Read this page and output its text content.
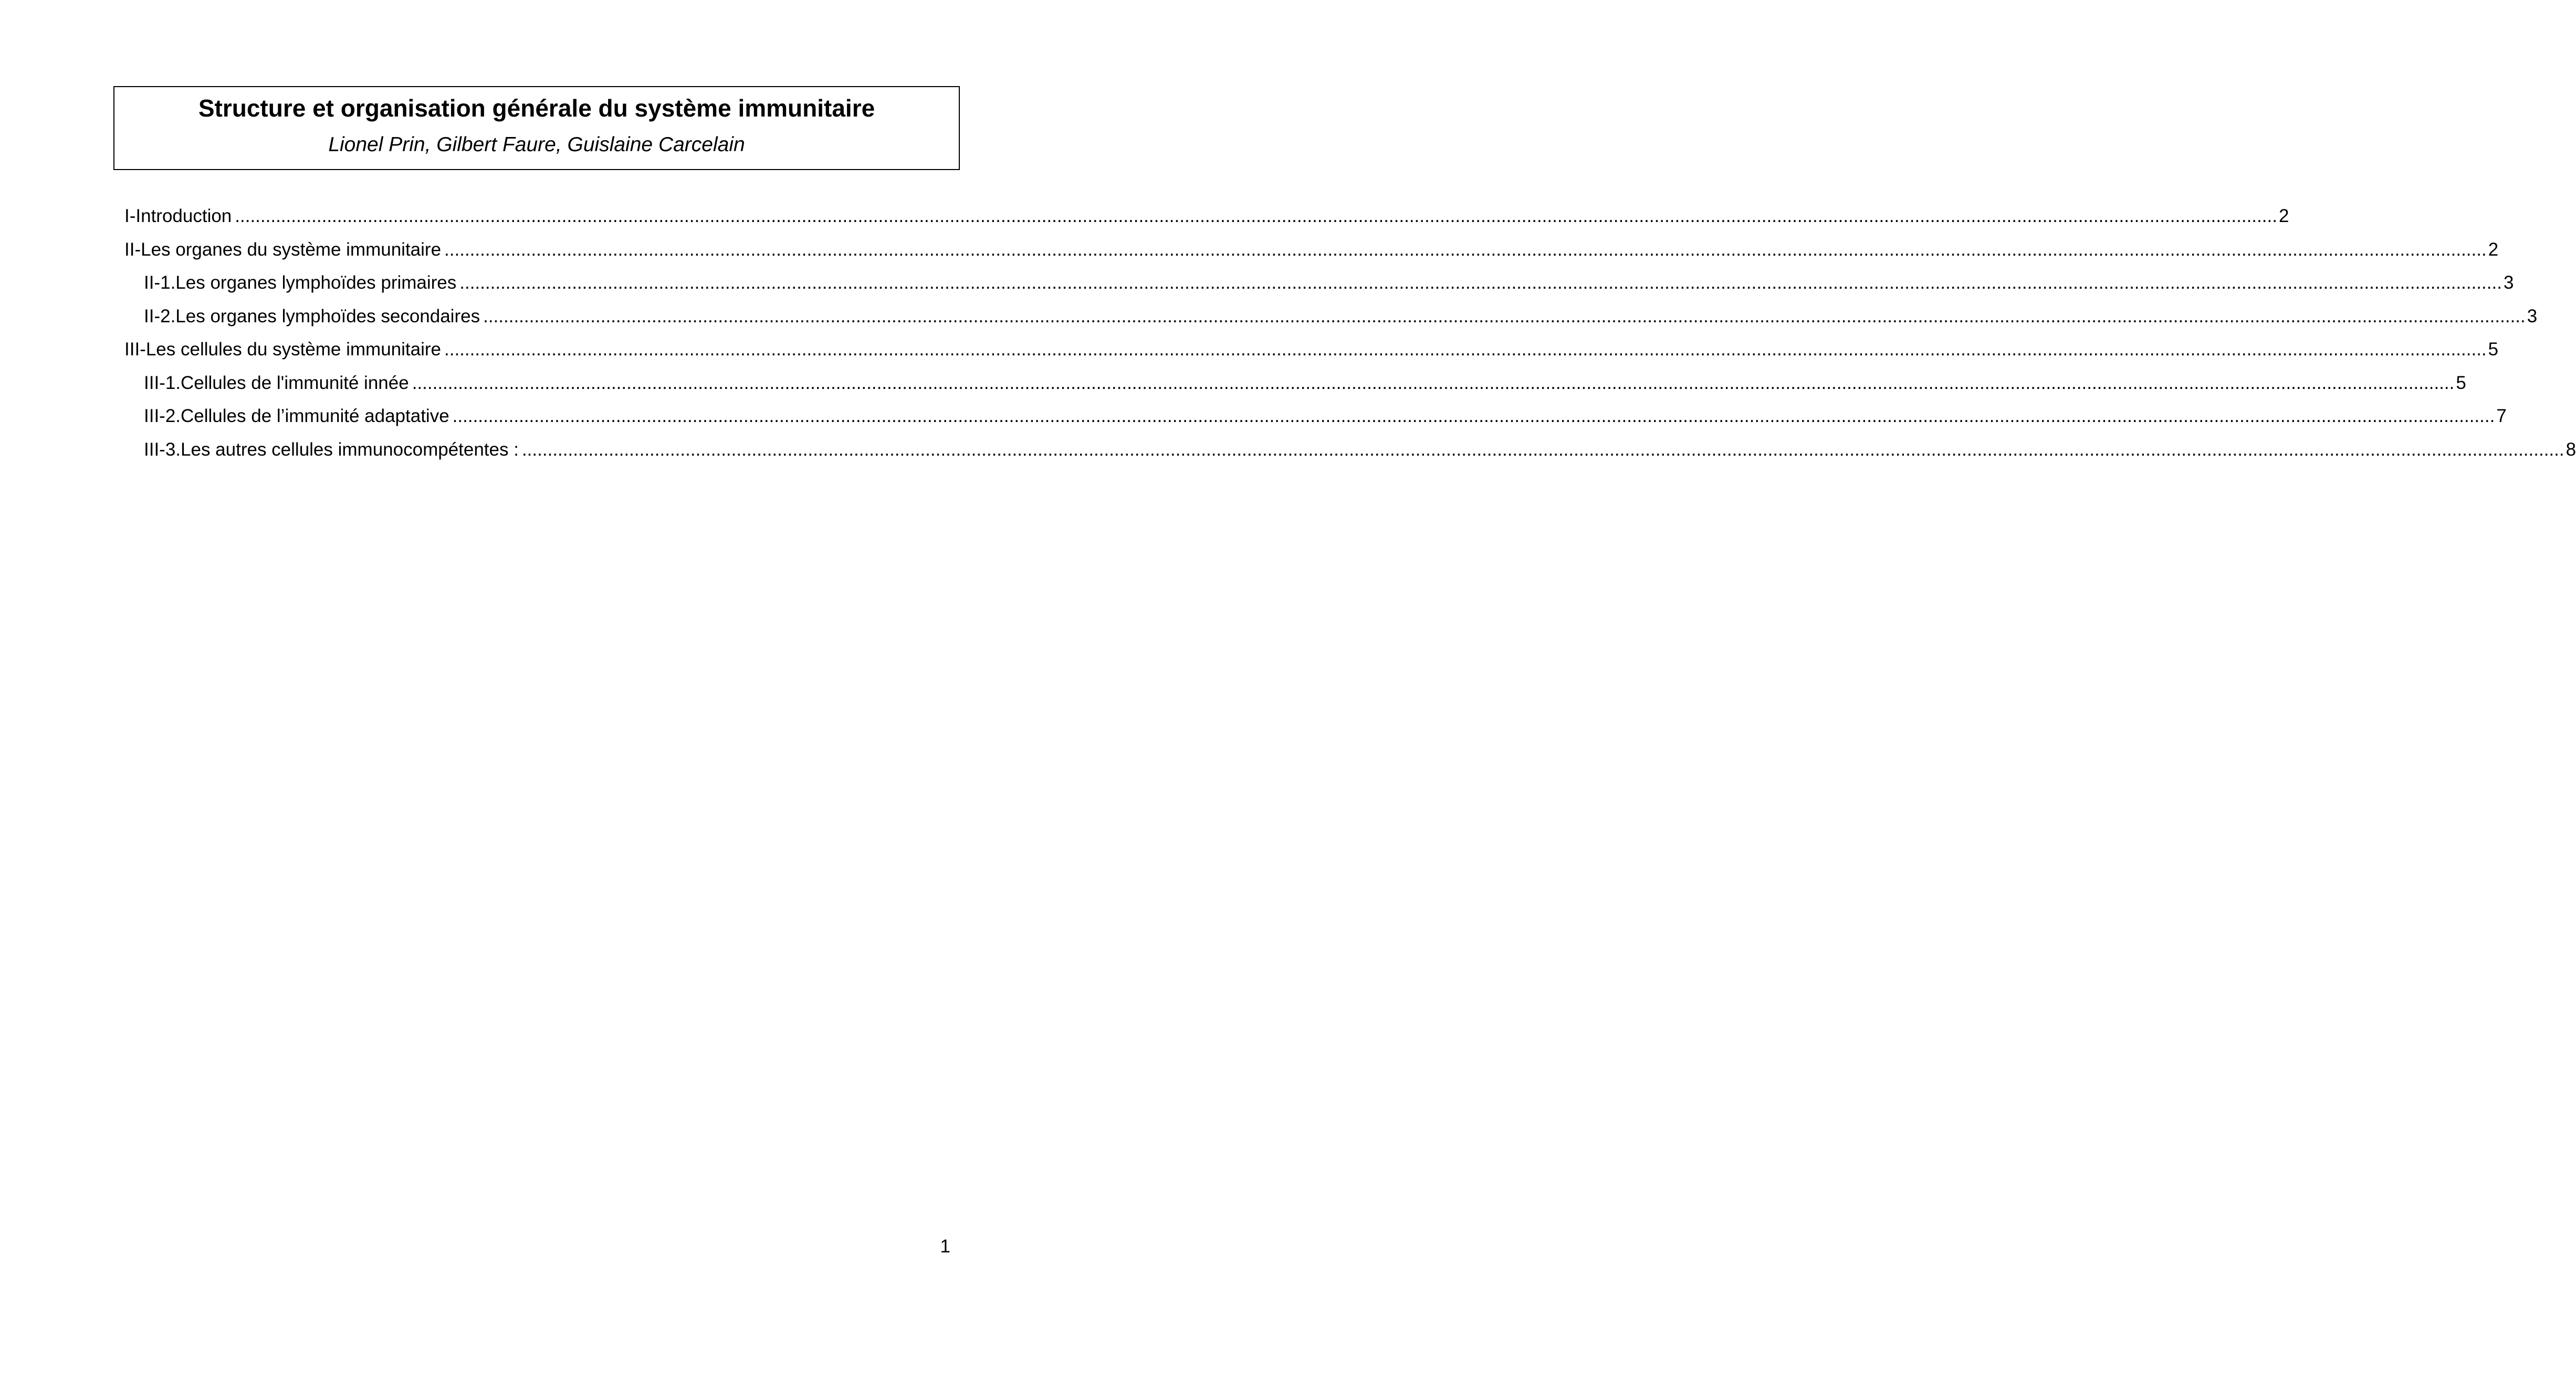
Structure et organisation générale du système immunitaire

Lionel Prin, Gilbert Faure, Guislaine Carcelain

I-Introduction ................................................................................................................................................................................................................................................................................................................................................................................................................ 2
II-Les organes du système immunitaire ................................................................................................................................................................................................................................................................................................................................................................................................................ 2
II-1.Les organes lymphoïdes primaires ................................................................................................................................................................................................................................................................................................................................................................................................................ 3
II-2.Les organes lymphoïdes secondaires ................................................................................................................................................................................................................................................................................................................................................................................................................ 3
III-Les cellules du système immunitaire ................................................................................................................................................................................................................................................................................................................................................................................................................ 5
III-1.Cellules de l'immunité innée ................................................................................................................................................................................................................................................................................................................................................................................................................ 5
III-2.Cellules de l’immunité adaptative ................................................................................................................................................................................................................................................................................................................................................................................................................ 7
III-3.Les autres cellules immunocompétentes : ................................................................................................................................................................................................................................................................................................................................................................................................................ 8
1
